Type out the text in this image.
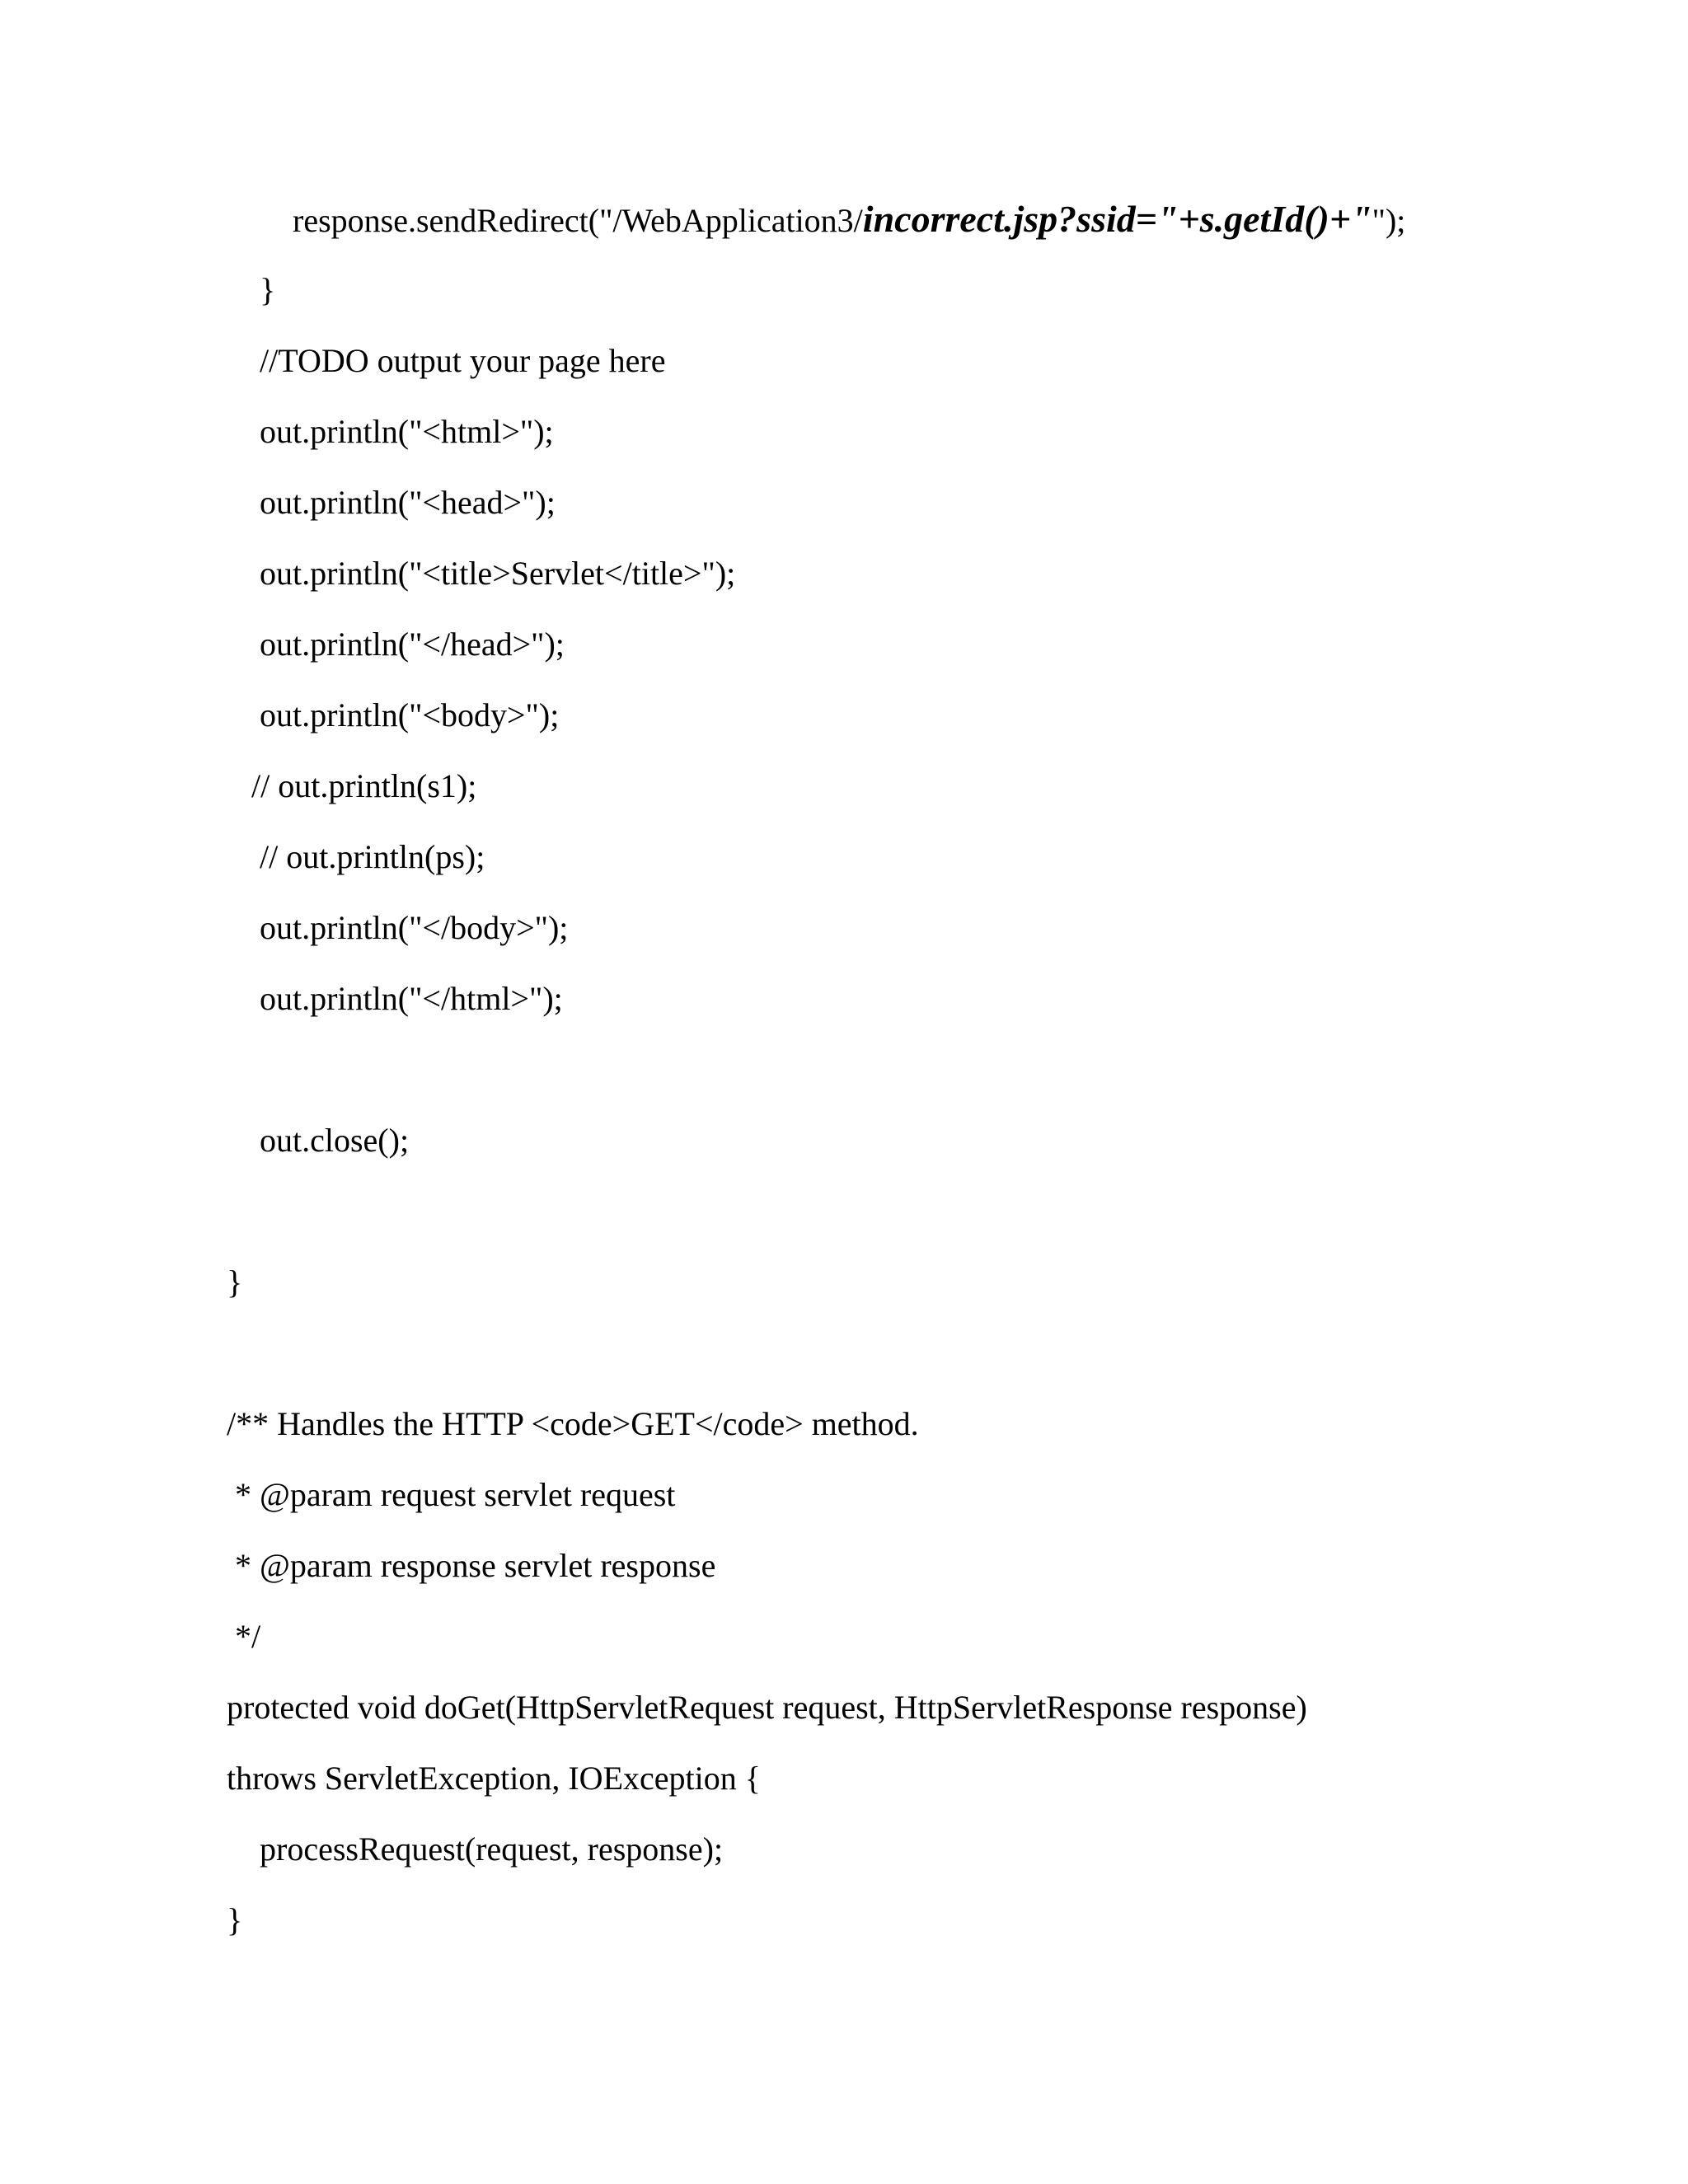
response.sendRedirect("/WebApplication3/incorrect.jsp?ssid="+s.getId()+"");
}
//TODO output your page here
out.println("<html>");
out.println("<head>");
out.println("<title>Servlet</title>");
out.println("</head>");
out.println("<body>");
// out.println(s1);
// out.println(ps);
out.println("</body>");
out.println("</html>");
out.close();
}
/** Handles the HTTP <code>GET</code> method.
* @param request servlet request
* @param response servlet response
*/
protected void doGet(HttpServletRequest request, HttpServletResponse response)
throws ServletException, IOException {
processRequest(request, response);
}
